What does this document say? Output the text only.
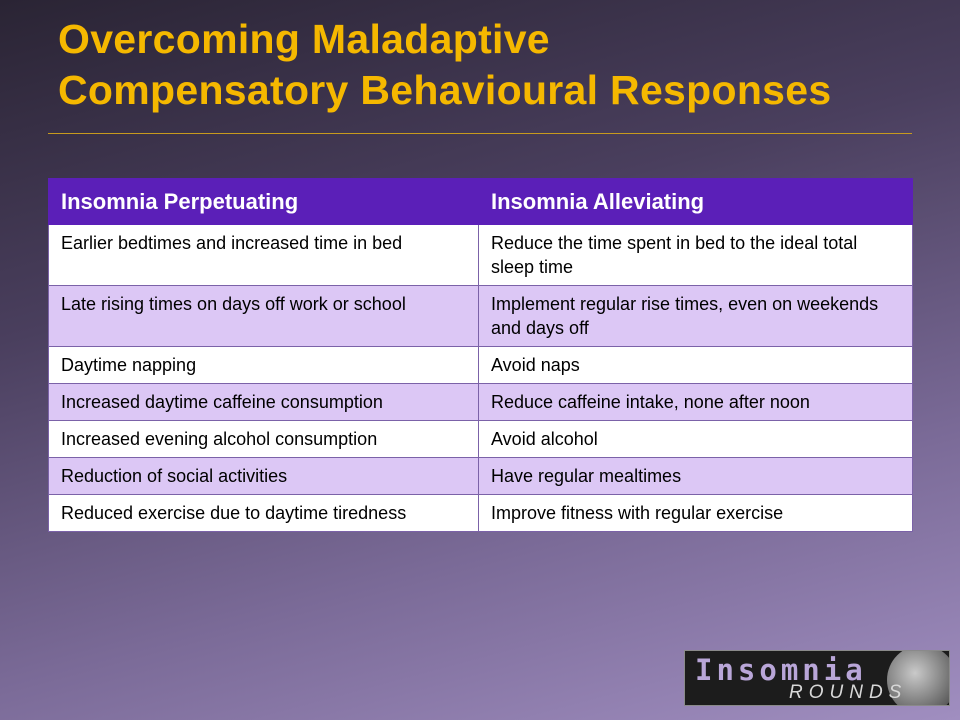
Overcoming Maladaptive
Compensatory Behavioural Responses
Insomnia Perpetuating	Insomnia Alleviating
Earlier bedtimes and increased time in bed	Reduce the time spent in bed to the ideal total sleep time
Late rising times on days off work or school	Implement regular rise times, even on weekends and days off
Daytime napping	Avoid naps
Increased daytime caffeine consumption	Reduce caffeine intake, none after noon
Increased evening alcohol consumption	Avoid alcohol
Reduction of social activities	Have regular mealtimes
Reduced exercise due to daytime tiredness	Improve fitness with regular exercise
Insomnia
ROUNDS
